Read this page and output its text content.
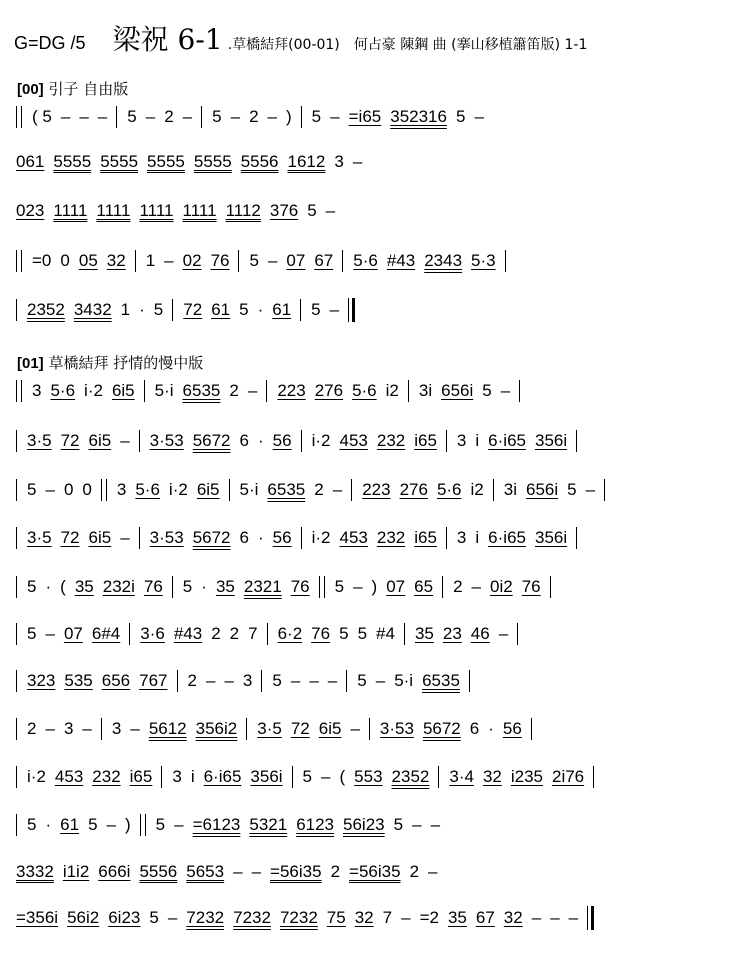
G=DG /5 梁祝 6-1 .草橋結拜(00-01)　何占豪 陳鋼 曲 (搴山移植簫笛版) 1-1
[00] 引子 自由版
[01] 草橋結拜 抒情的慢中版
( 5 – – – 5 – 2 – 5 – 2 – ) 5 – =i65 352316 5 –
061 5555 5555 5555 5555 5556 1612 3 –
023 1111 1111 1111 1111 1112 376 5 –
=0 0 05 32 1 – 02 76 5 – 07 67 5·6 #43 2343 5·3
2352 3432 1 · 5 72 61 5 · 61 5 –
3 5·6 i·2 6i5 5·i 6535 2 – 223 276 5·6 i2 3i 656i 5 –
3·5 72 6i5 – 3·53 5672 6 · 56 i·2 453 232 i65 3 i 6·i65 356i
5 – 0 0 3 5·6 i·2 6i5 5·i 6535 2 – 223 276 5·6 i2 3i 656i 5 –
3·5 72 6i5 – 3·53 5672 6 · 56 i·2 453 232 i65 3 i 6·i65 356i
5 · ( 35 232i 76 5 · 35 2321 76 5 – ) 07 65 2 – 0i2 76
5 – 07 6#4 3·6 #43 2 2 7 6·2 76 5 5 #4 35 23 46 –
323 535 656 767 2 – – 3 5 – – – 5 – 5·i 6535
2 – 3 – 3 – 5612 356i2 3·5 72 6i5 – 3·53 5672 6 · 56
i·2 453 232 i65 3 i 6·i65 356i 5 – ( 553 2352 3·4 32 i235 2i76
5 · 61 5 – ) 5 – =6123 5321 6123 56i23 5 – –
3332 i1i2 666i 5556 5653 – – =56i35 2 =56i35 2 –
=356i 56i2 6i23 5 – 7232 7232 7232 75 32 7 – =2 35 67 32 – – –
